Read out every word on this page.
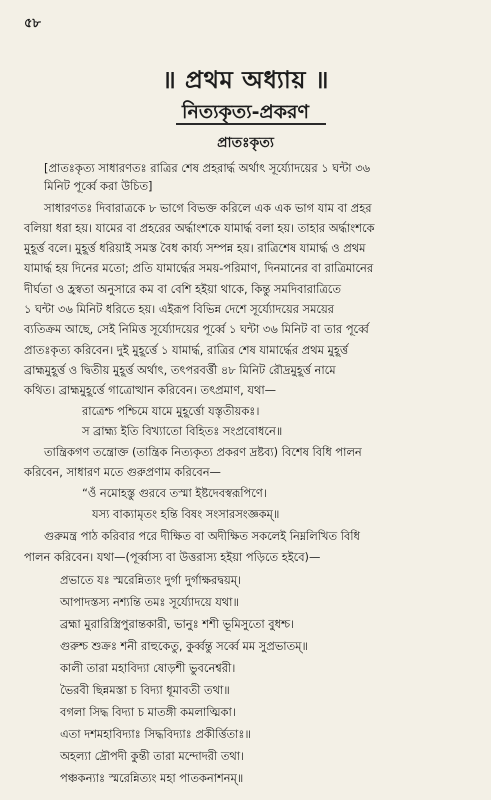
৫৮
॥ প্রথম অধ্যায় ॥
নিত্যকৃত্য-প্রকরণ
প্রাতঃকৃত্য
[প্রাতঃকৃত্য সাধারণতঃ রাত্রির শেষ প্রহরার্দ্ধ অর্থাৎ সূর্য্যোদয়ের ১ ঘন্টা ৩৬
মিনিট পূর্ব্বে করা উচিত]
সাধারণতঃ দিবারাত্রকে ৮ ভাগে বিভক্ত করিলে এক এক ভাগ যাম বা প্রহর
বলিয়া ধরা হয়। যামের বা প্রহরের অর্দ্ধাংশকে যামার্দ্ধ বলা হয়। তাহার অর্দ্ধাংশকে
মুহূর্ত্ত বলে। মুহূর্ত্ত ধরিয়াই সমস্ত বৈধ কার্য্য সম্পন্ন হয়। রাত্রিশেষ যামার্দ্ধ ও প্রথম
যামার্দ্ধ হয় দিনের মতো; প্রতি যামার্দ্ধের সময়-পরিমাণ, দিনমানের বা রাত্রিমানের
দীর্ঘতা ও হ্রস্বতা অনুসারে কম বা বেশি হইয়া থাকে, কিন্তু সমদিবারাত্রিতে
১ ঘন্টা ৩৬ মিনিট ধরিতে হয়। এইরূপ বিভিন্ন দেশে সূর্য্যোদয়ের সময়ের
ব্যতিক্রম আছে, সেই নিমিত্ত সূর্য্যোদয়ের পূর্ব্বে ১ ঘন্টা ৩৬ মিনিট বা তার পূর্ব্বে
প্রাতঃকৃত্য করিবেন। দুই মুহূর্ত্তে ১ যামার্দ্ধ, রাত্রির শেষ যামার্দ্ধের প্রথম মুহূর্ত্ত
ব্রাহ্মমুহূর্ত্ত ও দ্বিতীয় মুহূর্ত্ত অর্থাৎ, তৎপরবর্ত্তী ৪৮ মিনিট রৌদ্রমুহূর্ত্ত নামে
কথিত। ব্রাহ্মমুহূর্ত্তে গাত্রোত্থান করিবেন। তৎপ্রমাণ, যথা—
রাত্রেশ্চ পশ্চিমে যামে মুহূর্ত্তো যস্তৃতীয়কঃ।
স ব্রাহ্ম্য ইতি বিখ্যাতো বিহিতঃ সংপ্রবোধনে॥
তান্ত্রিকগণ তন্ত্রোক্ত (তান্ত্রিক নিত্যকৃত্য প্রকরণ দ্রষ্টব্য) বিশেষ বিধি পালন
করিবেন, সাধারণ মতে গুরুপ্রণাম করিবেন—
“ওঁ নমোহস্তু গুরবে তস্মা ইষ্টদেবস্বরূপিণে।
যস্য বাক্যামৃতং হন্তি বিষং সংসারসংজ্ঞকম্॥
গুরুমন্ত্র পাঠ করিবার পরে দীক্ষিত বা অদীক্ষিত সকলেই নিম্নলিখিত বিধি
পালন করিবেন। যথা—(পূর্ব্বাস্য বা উত্তরাস্য হইয়া পড়িতে হইবে)—
প্রভাতে যঃ স্মরেন্নিত্যং দুর্গা দুর্গাক্ষরদ্বয়ম্।
আপাদস্তস্য নশ্যন্তি তমঃ সূর্য্যোদয়ে যথা॥
ব্রহ্মা মুরারিস্ত্রিপুরান্তকারী, ভানুঃ শশী ভূমিসুতো বুধশ্চ।
গুরুশ্চ শুক্রঃ শনী রাহুকেতু, কুর্ব্বন্তু সর্ব্বে মম সুপ্রভাতম্॥
কালী তারা মহাবিদ্যা ষোড়শী ভুবনেশ্বরী।
ভৈরবী ছিন্নমস্তা চ বিদ্যা ধূমাবতী তথা॥
বগলা সিদ্ধ বিদ্যা চ মাতঙ্গী কমলাত্মিকা।
এতা দশমহাবিদ্যাঃ সিদ্ধবিদ্যাঃ প্রকীর্ত্তিতাঃ॥
অহল্যা দ্রৌপদী কুন্তী তারা মন্দোদরী তথা।
পঞ্চকন্যাঃ স্মরেন্নিত্যং মহা পাতকনাশনম্॥
